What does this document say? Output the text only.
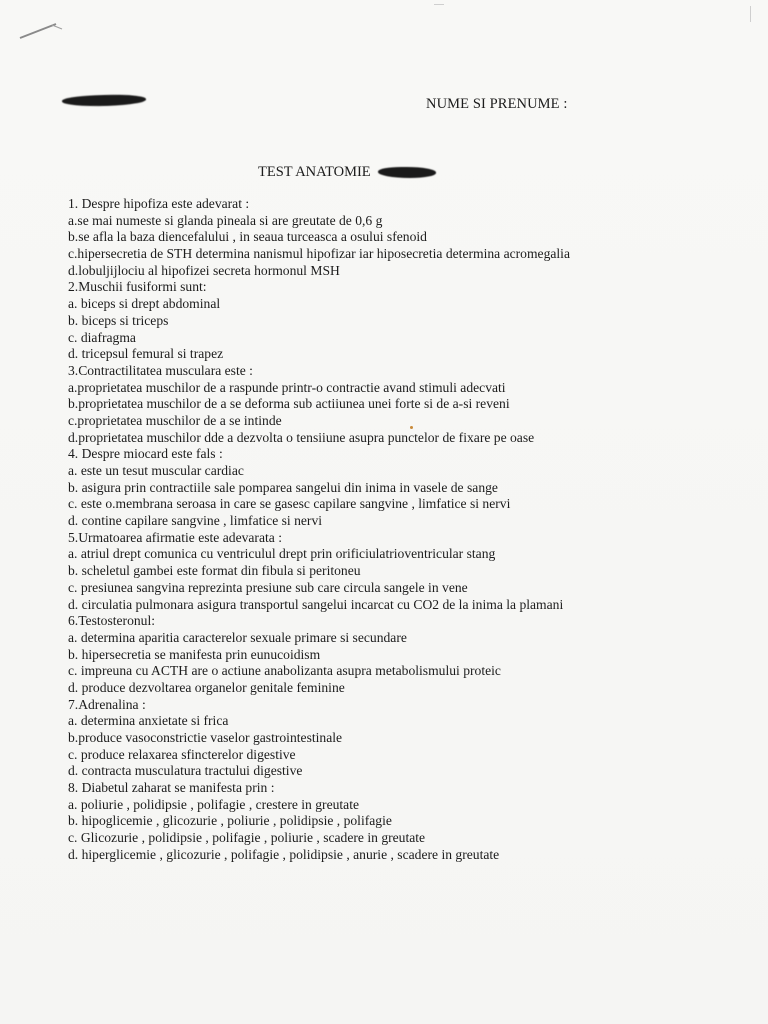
NUME SI PRENUME :
TEST ANATOMIE
1. Despre hipofiza este adevarat :
a.se mai numeste si glanda pineala si are greutate de 0,6 g
b.se afla la baza diencefalului , in seaua turceasca a osului sfenoid
c.hipersecretia de STH determina nanismul hipofizar iar hiposecretia determina acromegalia
d.lobuljijlociu al hipofizei secreta hormonul MSH
2.Muschii fusiformi sunt:
a. biceps si drept abdominal
b. biceps si triceps
c. diafragma
d. tricepsul femural si trapez
3.Contractilitatea musculara este :
a.proprietatea muschilor de a raspunde printr-o contractie avand stimuli adecvati
b.proprietatea muschilor de a se deforma sub actiiunea unei forte si de a-si reveni
c.proprietatea muschilor de a se intinde
d.proprietatea muschilor dde a dezvolta o tensiiune asupra punctelor de fixare pe oase
4. Despre miocard este fals :
a. este un tesut muscular cardiac
b. asigura prin contractiile sale pomparea sangelui din inima in vasele de sange
c. este o.membrana seroasa in care se gasesc capilare sangvine , limfatice si nervi
d. contine capilare sangvine , limfatice si nervi
5.Urmatoarea afirmatie este adevarata :
a. atriul drept comunica cu ventriculul drept prin orificiulatrioventricular stang
b. scheletul gambei este format din fibula si peritoneu
c. presiunea sangvina reprezinta presiune sub care circula sangele in vene
d. circulatia pulmonara asigura transportul sangelui incarcat cu CO2 de la inima la plamani
6.Testosteronul:
a. determina aparitia caracterelor sexuale primare si secundare
b. hipersecretia se manifesta prin eunucoidism
c. impreuna cu ACTH are o actiune anabolizanta asupra metabolismului proteic
d. produce dezvoltarea organelor genitale feminine
7.Adrenalina :
a. determina anxietate si frica
b.produce vasoconstrictie vaselor gastrointestinale
c. produce relaxarea sfincterelor digestive
d. contracta musculatura tractului digestive
8. Diabetul zaharat se manifesta prin :
a. poliurie , polidipsie , polifagie , crestere in greutate
b. hipoglicemie , glicozurie , poliurie , polidipsie , polifagie
c. Glicozurie , polidipsie , polifagie , poliurie , scadere in greutate
d. hiperglicemie , glicozurie , polifagie , polidipsie , anurie , scadere in greutate
